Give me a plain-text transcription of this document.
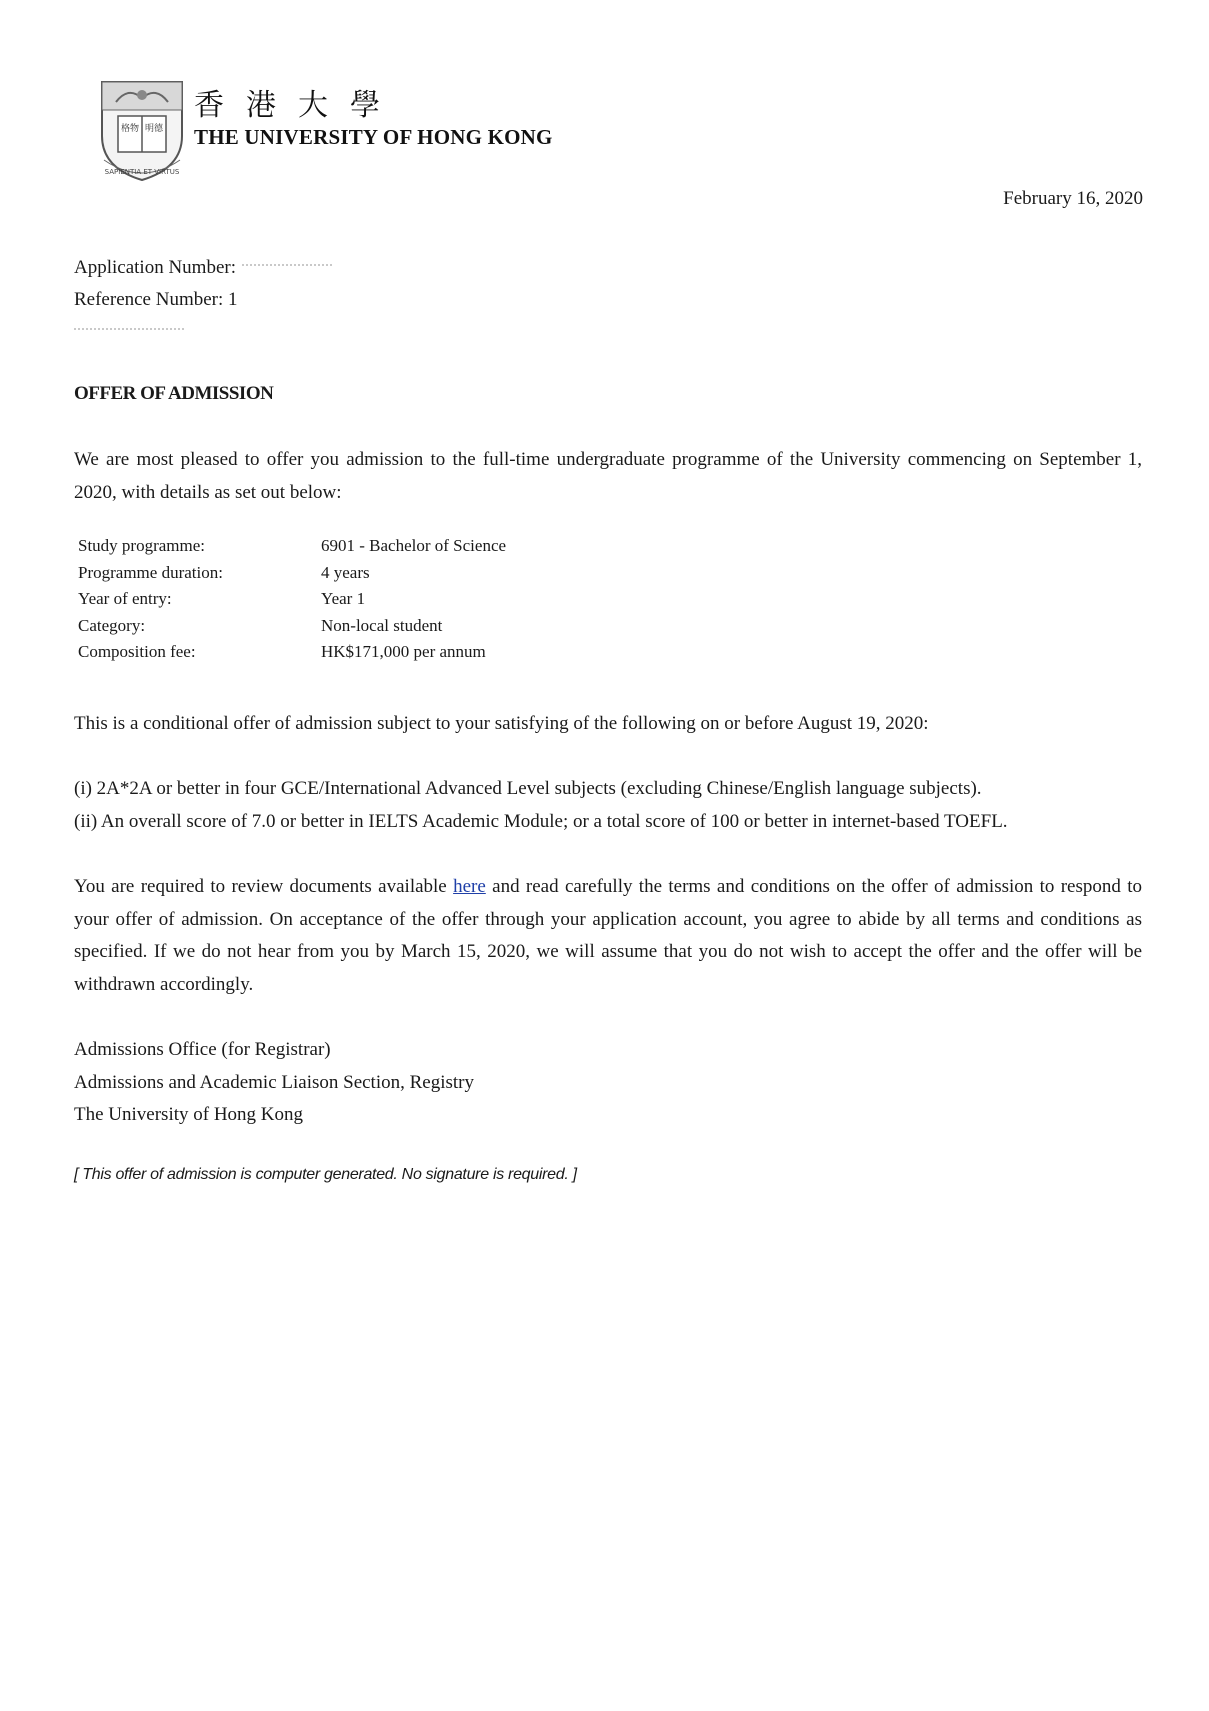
格物 明德
SAPIENTIA ET VIRTUS
香港大學
THE UNIVERSITY OF HONG KONG
February 16, 2020
Application Number:
Reference Number:
1
OFFER OF ADMISSION
We are most pleased to offer you admission to the full-time undergraduate programme of the University commencing on September 1, 2020, with details as set out below:
Study programme:	6901 - Bachelor of Science
Programme duration:	4 years
Year of entry:	Year 1
Category:	Non-local student
Composition fee:	HK$171,000 per annum
This is a conditional offer of admission subject to your satisfying of the following on or before August 19, 2020:
(i) 2A*2A or better in four GCE/International Advanced Level subjects (excluding Chinese/English language subjects).
(ii) An overall score of 7.0 or better in IELTS Academic Module; or a total score of 100 or better in internet-based TOEFL.
You are required to review documents available here and read carefully the terms and conditions on the offer of admission to respond to your offer of admission. On acceptance of the offer through your application account, you agree to abide by all terms and conditions as specified. If we do not hear from you by March 15, 2020, we will assume that you do not wish to accept the offer and the offer will be withdrawn accordingly.
Admissions Office (for Registrar)
Admissions and Academic Liaison Section, Registry
The University of Hong Kong
[ This offer of admission is computer generated. No signature is required. ]
